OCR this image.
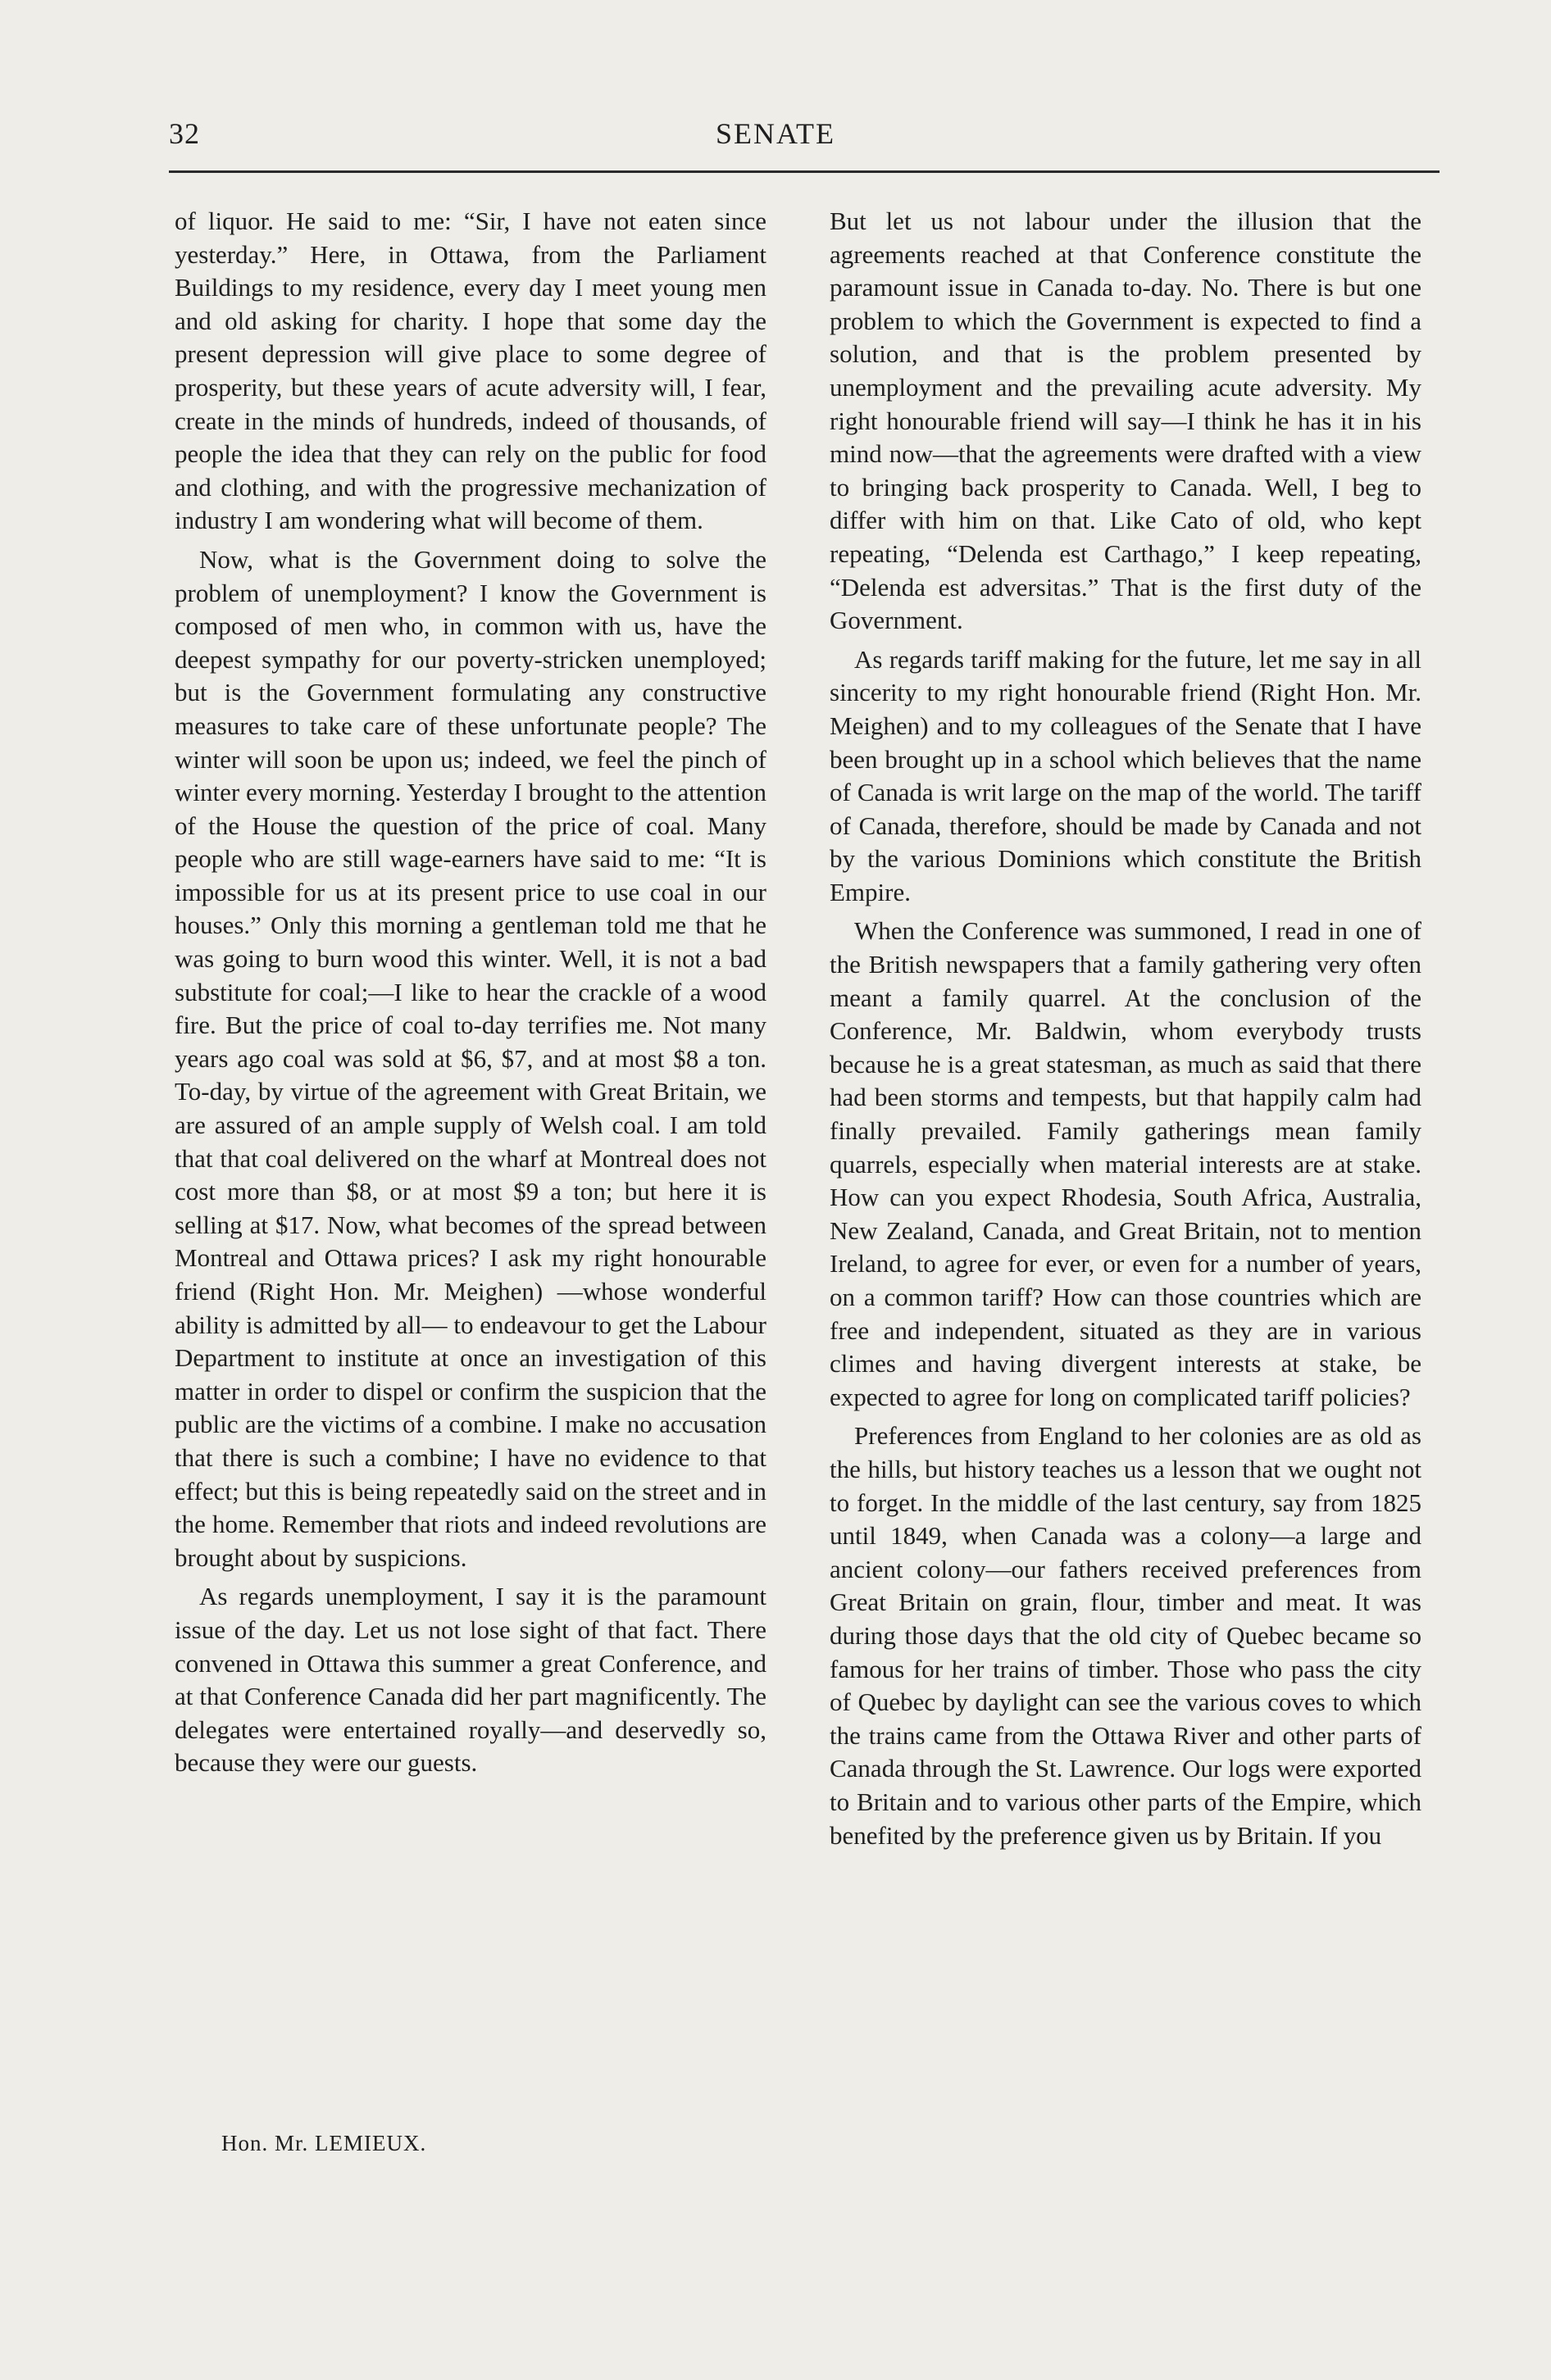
32	SENATE

of liquor. He said to me: “Sir, I have not eaten since yesterday.” Here, in Ottawa, from the Parliament Buildings to my residence, every day I meet young men and old asking for charity. I hope that some day the present depression will give place to some degree of prosperity, but these years of acute adversity will, I fear, create in the minds of hundreds, indeed of thousands, of people the idea that they can rely on the public for food and clothing, and with the progressive mechanization of industry I am wondering what will become of them.

Now, what is the Government doing to solve the problem of unemployment? I know the Government is composed of men who, in common with us, have the deepest sympathy for our poverty-stricken unemployed; but is the Government formulating any constructive measures to take care of these unfortunate people? The winter will soon be upon us; indeed, we feel the pinch of winter every morning. Yesterday I brought to the attention of the House the question of the price of coal. Many people who are still wage-earners have said to me: “It is impossible for us at its present price to use coal in our houses.” Only this morning a gentleman told me that he was going to burn wood this winter. Well, it is not a bad substitute for coal;—I like to hear the crackle of a wood fire. But the price of coal to-day terrifies me. Not many years ago coal was sold at $6, $7, and at most $8 a ton. To-day, by virtue of the agreement with Great Britain, we are assured of an ample supply of Welsh coal. I am told that that coal delivered on the wharf at Montreal does not cost more than $8, or at most $9 a ton; but here it is selling at $17. Now, what becomes of the spread between Montreal and Ottawa prices? I ask my right honourable friend (Right Hon. Mr. Meighen) —whose wonderful ability is admitted by all— to endeavour to get the Labour Department to institute at once an investigation of this matter in order to dispel or confirm the suspicion that the public are the victims of a combine. I make no accusation that there is such a combine; I have no evidence to that effect; but this is being repeatedly said on the street and in the home. Remember that riots and indeed revolutions are brought about by suspicions.

As regards unemployment, I say it is the paramount issue of the day. Let us not lose sight of that fact. There convened in Ottawa this summer a great Conference, and at that Conference Canada did her part magnificently. The delegates were entertained royally—and deservedly so, because they were our guests.

But let us not labour under the illusion that the agreements reached at that Conference constitute the paramount issue in Canada to-day. No. There is but one problem to which the Government is expected to find a solution, and that is the problem presented by unemployment and the prevailing acute adversity. My right honourable friend will say—I think he has it in his mind now—that the agreements were drafted with a view to bringing back prosperity to Canada. Well, I beg to differ with him on that. Like Cato of old, who kept repeating, “Delenda est Carthago,” I keep repeating, “Delenda est adversitas.” That is the first duty of the Government.

As regards tariff making for the future, let me say in all sincerity to my right honourable friend (Right Hon. Mr. Meighen) and to my colleagues of the Senate that I have been brought up in a school which believes that the name of Canada is writ large on the map of the world. The tariff of Canada, therefore, should be made by Canada and not by the various Dominions which constitute the British Empire.

When the Conference was summoned, I read in one of the British newspapers that a family gathering very often meant a family quarrel. At the conclusion of the Conference, Mr. Baldwin, whom everybody trusts because he is a great statesman, as much as said that there had been storms and tempests, but that happily calm had finally prevailed. Family gatherings mean family quarrels, especially when material interests are at stake. How can you expect Rhodesia, South Africa, Australia, New Zealand, Canada, and Great Britain, not to mention Ireland, to agree for ever, or even for a number of years, on a common tariff? How can those countries which are free and independent, situated as they are in various climes and having divergent interests at stake, be expected to agree for long on complicated tariff policies?

Preferences from England to her colonies are as old as the hills, but history teaches us a lesson that we ought not to forget. In the middle of the last century, say from 1825 until 1849, when Canada was a colony—a large and ancient colony—our fathers received preferences from Great Britain on grain, flour, timber and meat. It was during those days that the old city of Quebec became so famous for her trains of timber. Those who pass the city of Quebec by daylight can see the various coves to which the trains came from the Ottawa River and other parts of Canada through the St. Lawrence. Our logs were exported to Britain and to various other parts of the Empire, which benefited by the preference given us by Britain. If you

Hon. Mr. LEMIEUX.
